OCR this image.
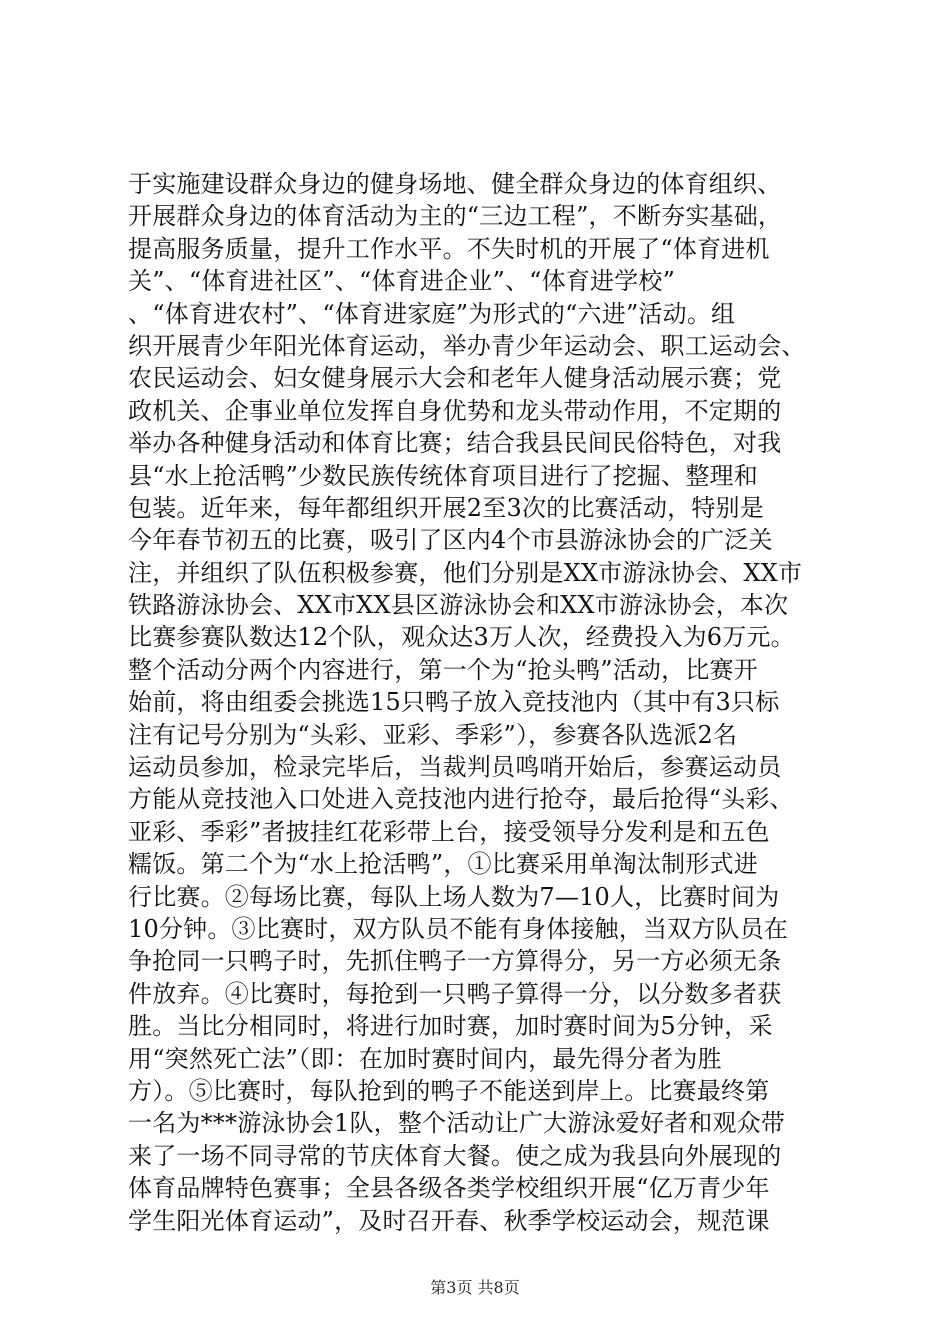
于实施建设群众身边的健身场地、健全群众身边的体育组织、
开展群众身边的体育活动为主的“三边工程”，不断夯实基础，
提高服务质量，提升工作水平。不失时机的开展了“体育进机
关”、“体育进社区”、“体育进企业”、“体育进学校”
、“体育进农村”、“体育进家庭”为形式的“六进”活动。组
织开展青少年阳光体育运动，举办青少年运动会、职工运动会、
农民运动会、妇女健身展示大会和老年人健身活动展示赛；党
政机关、企事业单位发挥自身优势和龙头带动作用，不定期的
举办各种健身活动和体育比赛；结合我县民间民俗特色，对我
县“水上抢活鸭”少数民族传统体育项目进行了挖掘、整理和
包装。近年来，每年都组织开展2至3次的比赛活动，特别是
今年春节初五的比赛，吸引了区内4个市县游泳协会的广泛关
注，并组织了队伍积极参赛，他们分别是XX市游泳协会、XX市
铁路游泳协会、XX市XX县区游泳协会和XX市游泳协会，本次
比赛参赛队数达12个队，观众达3万人次，经费投入为6万元。
整个活动分两个内容进行，第一个为“抢头鸭”活动，比赛开
始前，将由组委会挑选15只鸭子放入竞技池内（其中有3只标
注有记号分别为“头彩、亚彩、季彩”），参赛各队选派2名
运动员参加，检录完毕后，当裁判员鸣哨开始后，参赛运动员
方能从竞技池入口处进入竞技池内进行抢夺，最后抢得“头彩、
亚彩、季彩”者披挂红花彩带上台，接受领导分发利是和五色
糯饭。第二个为“水上抢活鸭”，①比赛采用单淘汰制形式进
行比赛。②每场比赛，每队上场人数为7—10人，比赛时间为
10分钟。③比赛时，双方队员不能有身体接触，当双方队员在
争抢同一只鸭子时，先抓住鸭子一方算得分，另一方必须无条
件放弃。④比赛时，每抢到一只鸭子算得一分，以分数多者获
胜。当比分相同时，将进行加时赛，加时赛时间为5分钟，采
用“突然死亡法”（即：在加时赛时间内，最先得分者为胜
方）。⑤比赛时，每队抢到的鸭子不能送到岸上。比赛最终第
一名为***游泳协会1队，整个活动让广大游泳爱好者和观众带
来了一场不同寻常的节庆体育大餐。使之成为我县向外展现的
体育品牌特色赛事；全县各级各类学校组织开展“亿万青少年
学生阳光体育运动”，及时召开春、秋季学校运动会，规范课
第3页 共8页
